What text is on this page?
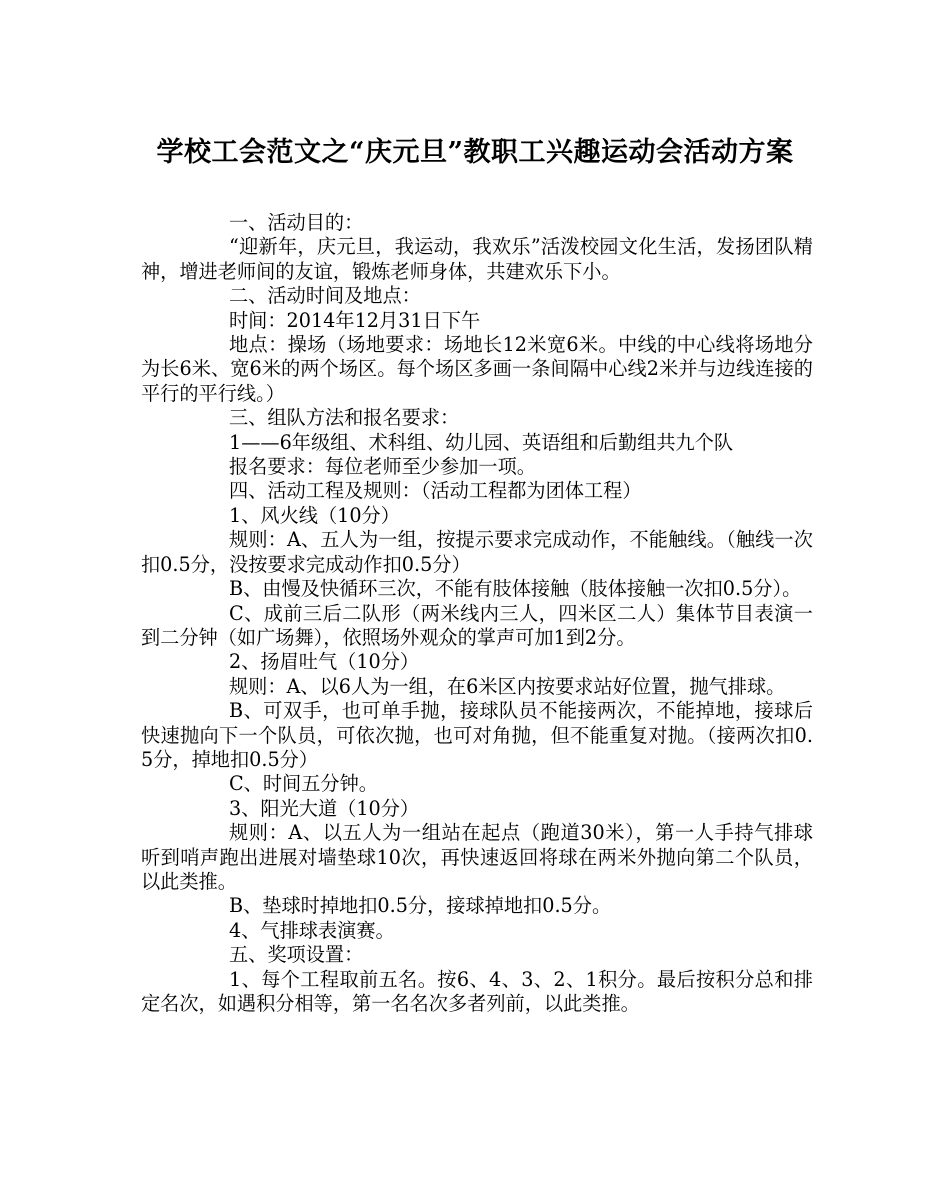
学校工会范文之“庆元旦”教职工兴趣运动会活动方案

一、活动目的：

“迎新年，庆元旦，我运动，我欢乐”活泼校园文化生活，发扬团队精神，增进老师间的友谊，锻炼老师身体，共建欢乐下小。

二、活动时间及地点：

时间：2014年12月31日下午

地点：操场（场地要求：场地长12米宽6米。中线的中心线将场地分为长6米、宽6米的两个场区。每个场区多画一条间隔中心线2米并与边线连接的平行的平行线。）

三、组队方法和报名要求：

1——6年级组、术科组、幼儿园、英语组和后勤组共九个队

报名要求：每位老师至少参加一项。

四、活动工程及规则：（活动工程都为团体工程）

1、风火线（10分）

规则：A、五人为一组，按提示要求完成动作，不能触线。（触线一次扣0.5分，没按要求完成动作扣0.5分）

B、由慢及快循环三次，不能有肢体接触（肢体接触一次扣0.5分）。

C、成前三后二队形（两米线内三人，四米区二人）集体节目表演一到二分钟（如广场舞），依照场外观众的掌声可加1到2分。

2、扬眉吐气（10分）

规则：A、以6人为一组，在6米区内按要求站好位置，抛气排球。

B、可双手，也可单手抛，接球队员不能接两次，不能掉地，接球后快速抛向下一个队员，可依次抛，也可对角抛，但不能重复对抛。（接两次扣0.5分，掉地扣0.5分）

C、时间五分钟。

3、阳光大道（10分）

规则：A、以五人为一组站在起点（跑道30米），第一人手持气排球听到哨声跑出进展对墙垫球10次，再快速返回将球在两米外抛向第二个队员，以此类推。

B、垫球时掉地扣0.5分，接球掉地扣0.5分。

4、气排球表演赛。

五、奖项设置：

1、每个工程取前五名。按6、4、3、2、1积分。最后按积分总和排定名次，如遇积分相等，第一名名次多者列前，以此类推。
